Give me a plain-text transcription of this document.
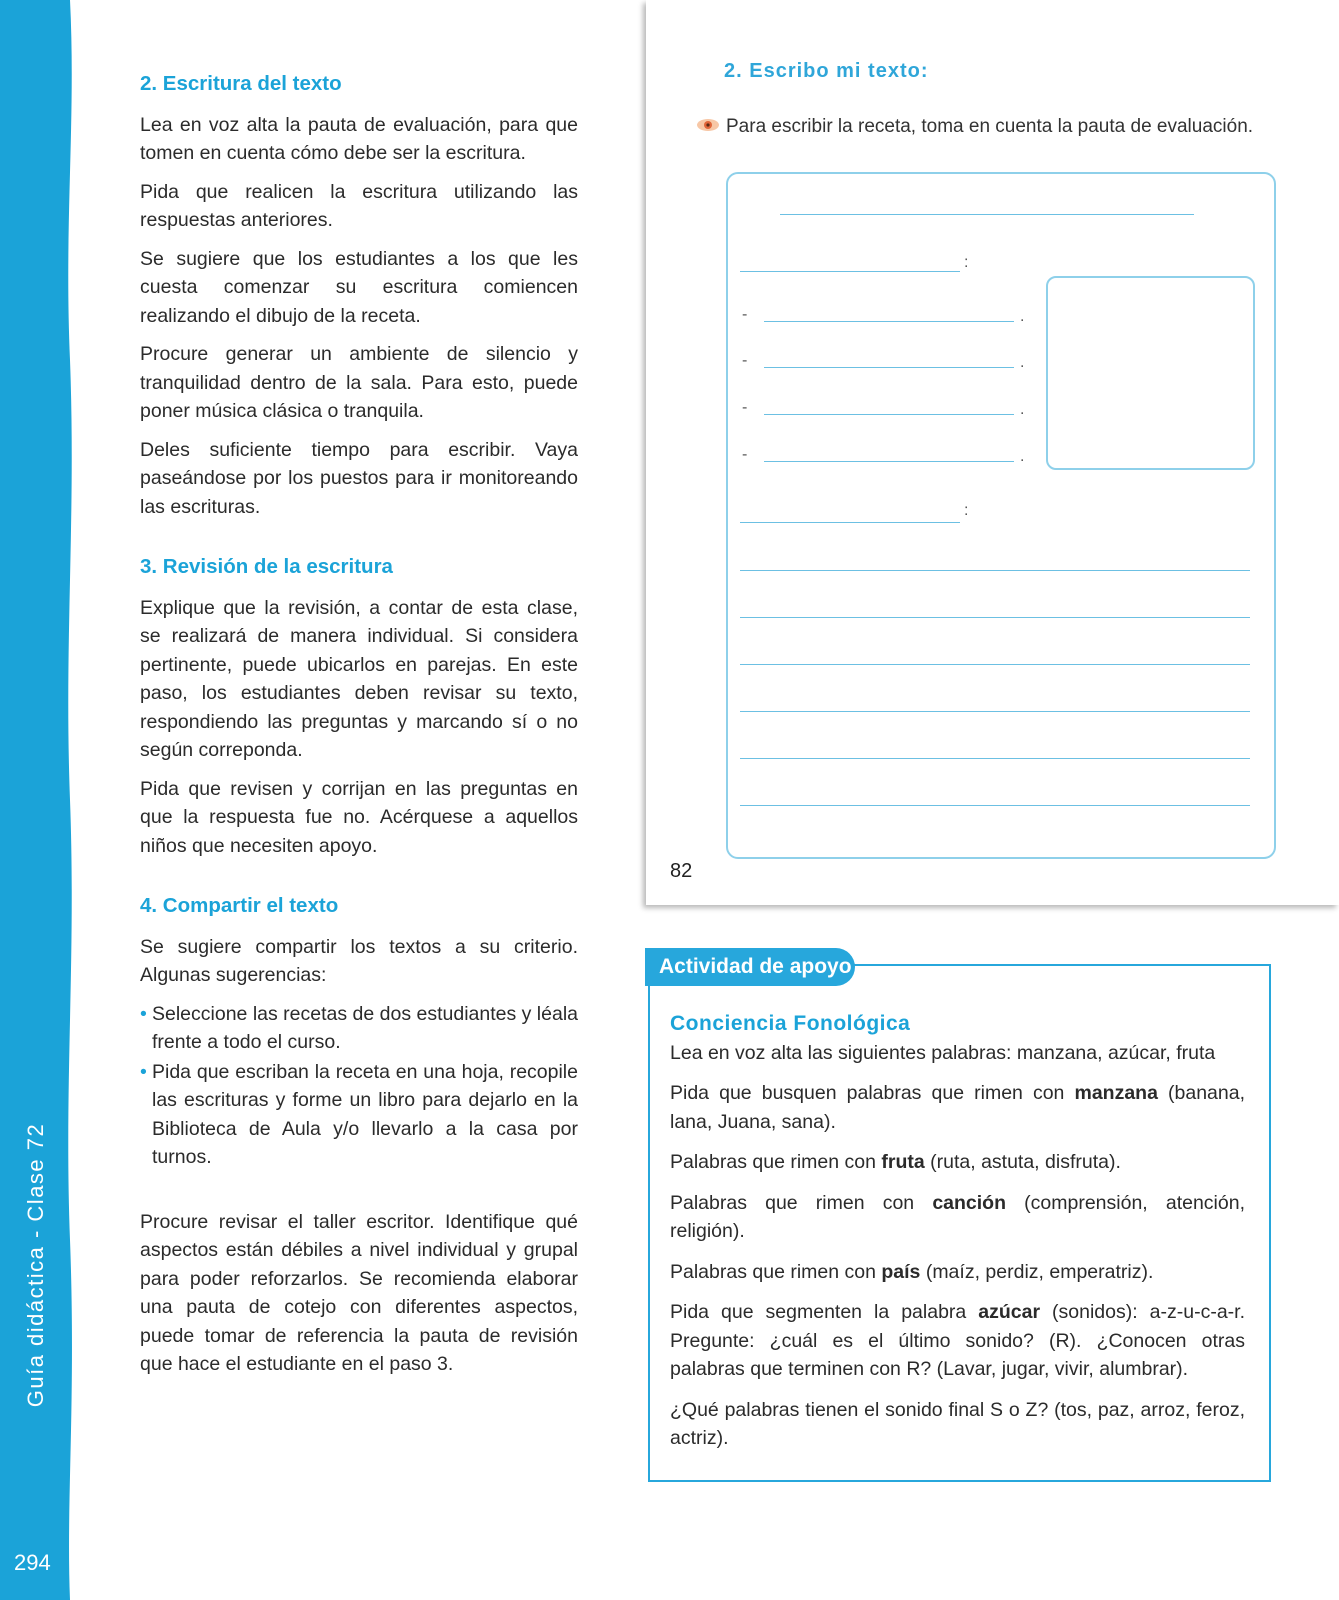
Guía didáctica - Clase 72
294
2. Escritura del texto

Lea en voz alta la pauta de evaluación, para que tomen en cuenta cómo debe ser la escritura.

Pida que realicen la escritura utilizando las respuestas anteriores.

Se sugiere que los estudiantes a los que les cuesta comenzar su escritura comiencen realizando el dibujo de la receta.

Procure generar un ambiente de silencio y tranquilidad dentro de la sala. Para esto, puede poner música clásica o tranquila.

Deles suficiente tiempo para escribir. Vaya paseándose por los puestos para ir monitoreando las escrituras.

3. Revisión de la escritura

Explique que la revisión, a contar de esta clase, se realizará de manera individual. Si considera pertinente, puede ubicarlos en parejas. En este paso, los estudiantes deben revisar su texto, respondiendo las preguntas y marcando sí o no según correponda.

Pida que revisen y corrijan en las preguntas en que la respuesta fue no. Acérquese a aquellos niños que necesiten apoyo.

4. Compartir el texto

Se sugiere compartir los textos a su criterio. Algunas sugerencias:

• Seleccione las recetas de dos estudiantes y léala frente a todo el curso.
• Pida que escriban la receta en una hoja, recopile las escrituras y forme un libro para dejarlo en la Biblioteca de Aula y/o llevarlo a la casa por turnos.

Procure revisar el taller escritor. Identifique qué aspectos están débiles a nivel individual y grupal para poder reforzarlos. Se recomienda elaborar una pauta de cotejo con diferentes aspectos, puede tomar de referencia la pauta de revisión que hace el estudiante en el paso 3.

2. Escribo mi texto:
Para escribir la receta, toma en cuenta la pauta de evaluación.
:
-	.
-	.
-	.
-	.
:
82
Actividad de apoyo
Conciencia Fonológica

Lea en voz alta las siguientes palabras: manzana, azúcar, fruta

Pida que busquen palabras que rimen con manzana (banana, lana, Juana, sana).

Palabras que rimen con fruta (ruta, astuta, disfruta).

Palabras que rimen con canción (comprensión, atención, religión).

Palabras que rimen con país (maíz, perdiz, emperatriz).

Pida que segmenten la palabra azúcar (sonidos): a-z-u-c-a-r. Pregunte: ¿cuál es el último sonido? (R). ¿Conocen otras palabras que terminen con R? (Lavar, jugar, vivir, alumbrar).

¿Qué palabras tienen el sonido final S o Z? (tos, paz, arroz, feroz, actriz).
